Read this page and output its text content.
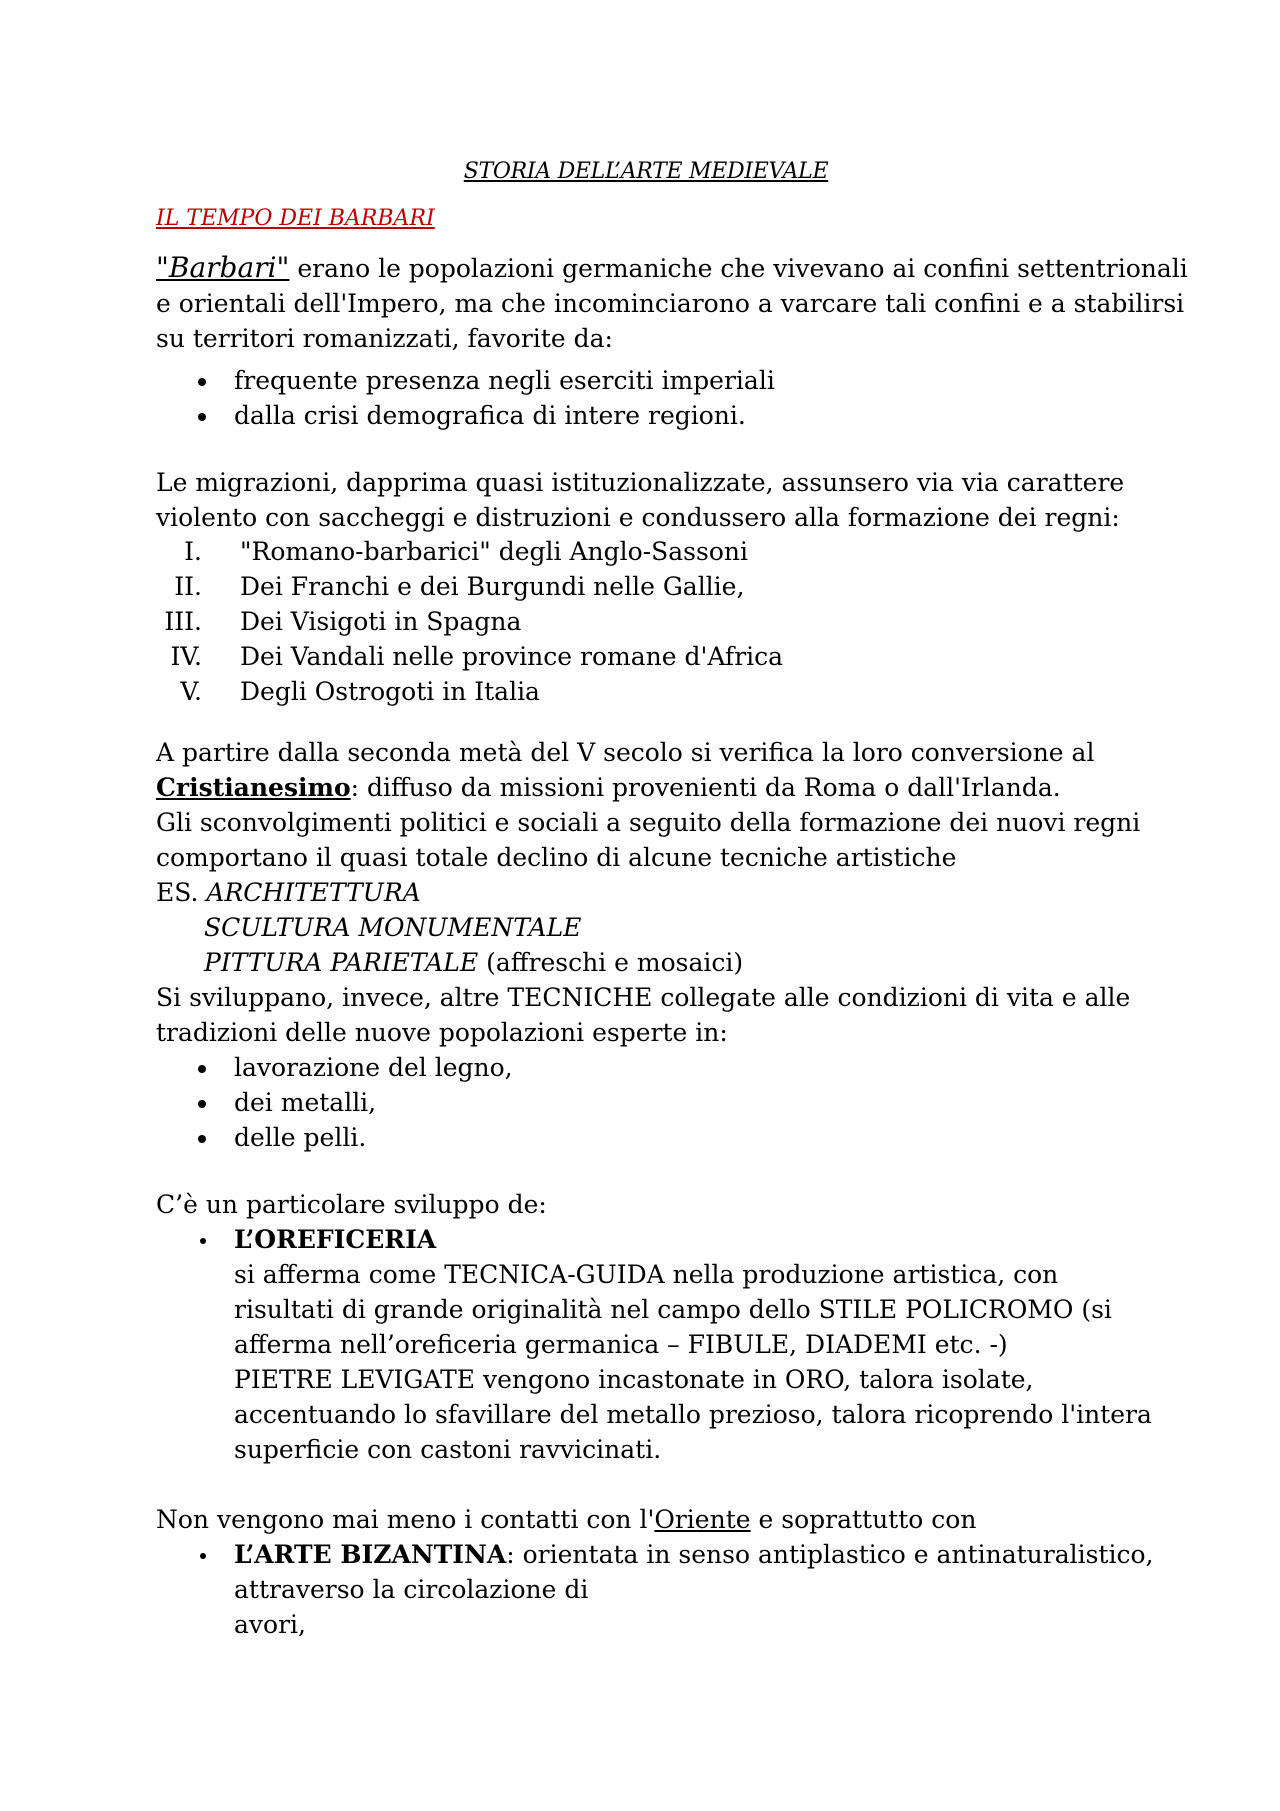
STORIA DELL’ARTE MEDIEVALE
IL TEMPO DEI BARBARI

"Barbari" erano le popolazioni germaniche che vivevano ai confini settentrionali

e orientali dell'Impero, ma che incominciarono a varcare tali confini e a stabilirsi

su territori romanizzati, favorite da:

frequente presenza negli eserciti imperiali

dalla crisi demografica di intere regioni.

Le migrazioni, dapprima quasi istituzionalizzate, assunsero via via carattere

violento con saccheggi e distruzioni e condussero alla formazione dei regni:

I. "Romano-barbarici" degli Anglo-Sassoni

II. Dei Franchi e dei Burgundi nelle Gallie,

III. Dei Visigoti in Spagna

IV. Dei Vandali nelle province romane d'Africa

V. Degli Ostrogoti in Italia

A partire dalla seconda metà del V secolo si verifica la loro conversione al

Cristianesimo: diffuso da missioni provenienti da Roma o dall'Irlanda.

Gli sconvolgimenti politici e sociali a seguito della formazione dei nuovi regni

comportano il quasi totale declino di alcune tecniche artistiche

ES. ARCHITETTURA

SCULTURA MONUMENTALE

PITTURA PARIETALE (affreschi e mosaici)

Si sviluppano, invece, altre TECNICHE collegate alle condizioni di vita e alle

tradizioni delle nuove popolazioni esperte in:

lavorazione del legno,

dei metalli,

delle pelli.

C’è un particolare sviluppo de:

L’OREFICERIA

si afferma come TECNICA-GUIDA nella produzione artistica, con

risultati di grande originalità nel campo dello STILE POLICROMO (si

afferma nell’oreficeria germanica – FIBULE, DIADEMI etc. -)

PIETRE LEVIGATE vengono incastonate in ORO, talora isolate,

accentuando lo sfavillare del metallo prezioso, talora ricoprendo l'intera

superficie con castoni ravvicinati.

Non vengono mai meno i contatti con l'Oriente e soprattutto con

L’ARTE BIZANTINA: orientata in senso antiplastico e antinaturalistico,

attraverso la circolazione di

avori,
